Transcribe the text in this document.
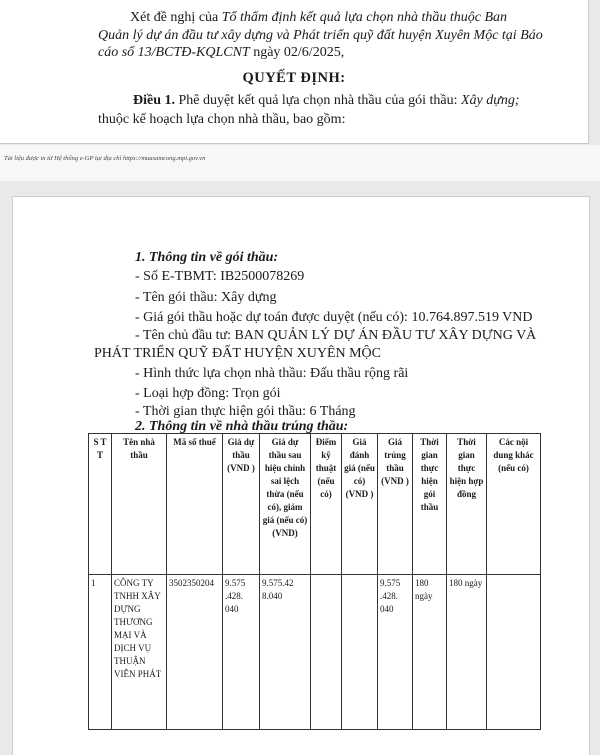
Xét đề nghị của Tổ thẩm định kết quả lựa chọn nhà thầu thuộc Ban
Quản lý dự án đầu tư xây dựng và Phát triển quỹ đất huyện Xuyên Mộc tại Báo
cáo số 13/BCTĐ-KQLCNT ngày 02/6/2025,
QUYẾT ĐỊNH:
Điều 1. Phê duyệt kết quả lựa chọn nhà thầu của gói thầu: Xây dựng;
thuộc kế hoạch lựa chọn nhà thầu, bao gồm:
Tài liệu được in từ Hệ thống e-GP tại địa chỉ https://muasamcong.mpi.gov.vn
1. Thông tin về gói thầu:
- Số E-TBMT: IB2500078269
- Tên gói thầu: Xây dựng
- Giá gói thầu hoặc dự toán được duyệt (nếu có): 10.764.897.519 VND
- Tên chủ đầu tư: BAN QUẢN LÝ DỰ ÁN ĐẦU TƯ XÂY DỰNG VÀ
PHÁT TRIỂN QUỸ ĐẤT HUYỆN XUYÊN MỘC
- Hình thức lựa chọn nhà thầu: Đấu thầu rộng rãi
- Loại hợp đồng: Trọn gói
- Thời gian thực hiện gói thầu: 6 Tháng
2. Thông tin về nhà thầu trúng thầu:
S T T	Tên nhà thầu	Mã số thuế	Giá dự thầu (VND )	Giá dự thầu sau hiệu chỉnh sai lệch thừa (nếu có), giảm giá (nếu có) (VND)	Điểm kỹ thuật (nếu có)	Giá đánh giá (nếu có) (VND )	Giá trúng thầu (VND )	Thời gian thực hiện gói thầu	Thời gian thực hiện hợp đồng	Các nội dung khác (nếu có)
1	CÔNG TY TNHH XÂY DỰNG THƯƠNG MẠI VÀ DỊCH VỤ THUẬN VIÊN PHÁT	3502350204	9.575 .428. 040	9.575.42 8.040			9.575 .428. 040	180 ngày	180 ngày	
